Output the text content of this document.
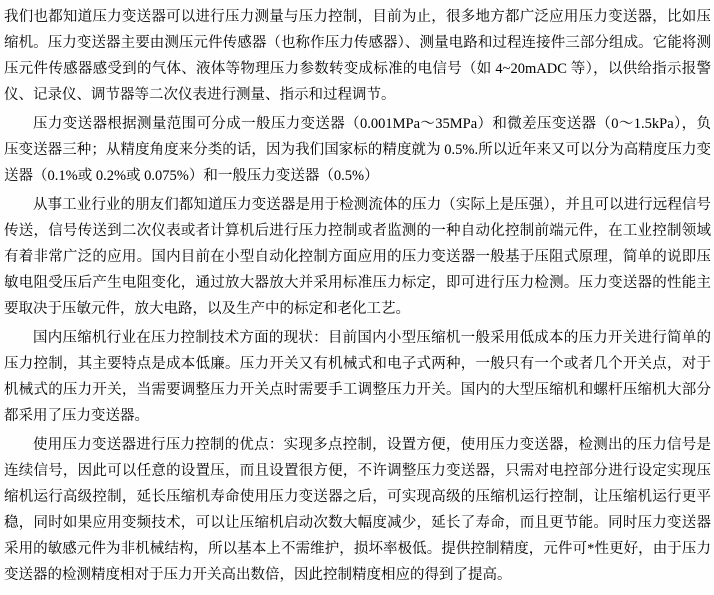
我们也都知道压力变送器可以进行压力测量与压力控制，目前为止，很多地方都广泛应用压力变送器，比如压缩机。压力变送器主要由测压元件传感器（也称作压力传感器）、测量电路和过程连接件三部分组成。它能将测压元件传感器感受到的气体、液体等物理压力参数转变成标准的电信号（如 4~20mADC 等），以供给指示报警仪、记录仪、调节器等二次仪表进行测量、指示和过程调节。

压力变送器根据测量范围可分成一般压力变送器（0.001MPa～35MPa）和微差压变送器（0～1.5kPa），负压变送器三种；从精度角度来分类的话，因为我们国家标的精度就为 0.5%.所以近年来又可以分为高精度压力变送器（0.1%或 0.2%或 0.075%）和一般压力变送器（0.5%）

从事工业行业的朋友们都知道压力变送器是用于检测流体的压力（实际上是压强），并且可以进行远程信号传送，信号传送到二次仪表或者计算机后进行压力控制或者监测的一种自动化控制前端元件，在工业控制领域有着非常广泛的应用。国内目前在小型自动化控制方面应用的压力变送器一般基于压阻式原理，简单的说即压敏电阻受压后产生电阻变化，通过放大器放大并采用标准压力标定，即可进行压力检测。压力变送器的性能主要取决于压敏元件，放大电路，以及生产中的标定和老化工艺。

国内压缩机行业在压力控制技术方面的现状：目前国内小型压缩机一般采用低成本的压力开关进行简单的压力控制，其主要特点是成本低廉。压力开关又有机械式和电子式两种，一般只有一个或者几个开关点，对于机械式的压力开关，当需要调整压力开关点时需要手工调整压力开关。国内的大型压缩机和螺杆压缩机大部分都采用了压力变送器。

使用压力变送器进行压力控制的优点：实现多点控制，设置方便，使用压力变送器，检测出的压力信号是连续信号，因此可以任意的设置压，而且设置很方便，不许调整压力变送器，只需对电控部分进行设定实现压缩机运行高级控制，延长压缩机寿命使用压力变送器之后，可实现高级的压缩机运行控制，让压缩机运行更平稳，同时如果应用变频技术，可以让压缩机启动次数大幅度减少，延长了寿命，而且更节能。同时压力变送器采用的敏感元件为非机械结构，所以基本上不需维护，损坏率极低。提供控制精度，元件可*性更好，由于压力变送器的检测精度相对于压力开关高出数倍，因此控制精度相应的得到了提高。
